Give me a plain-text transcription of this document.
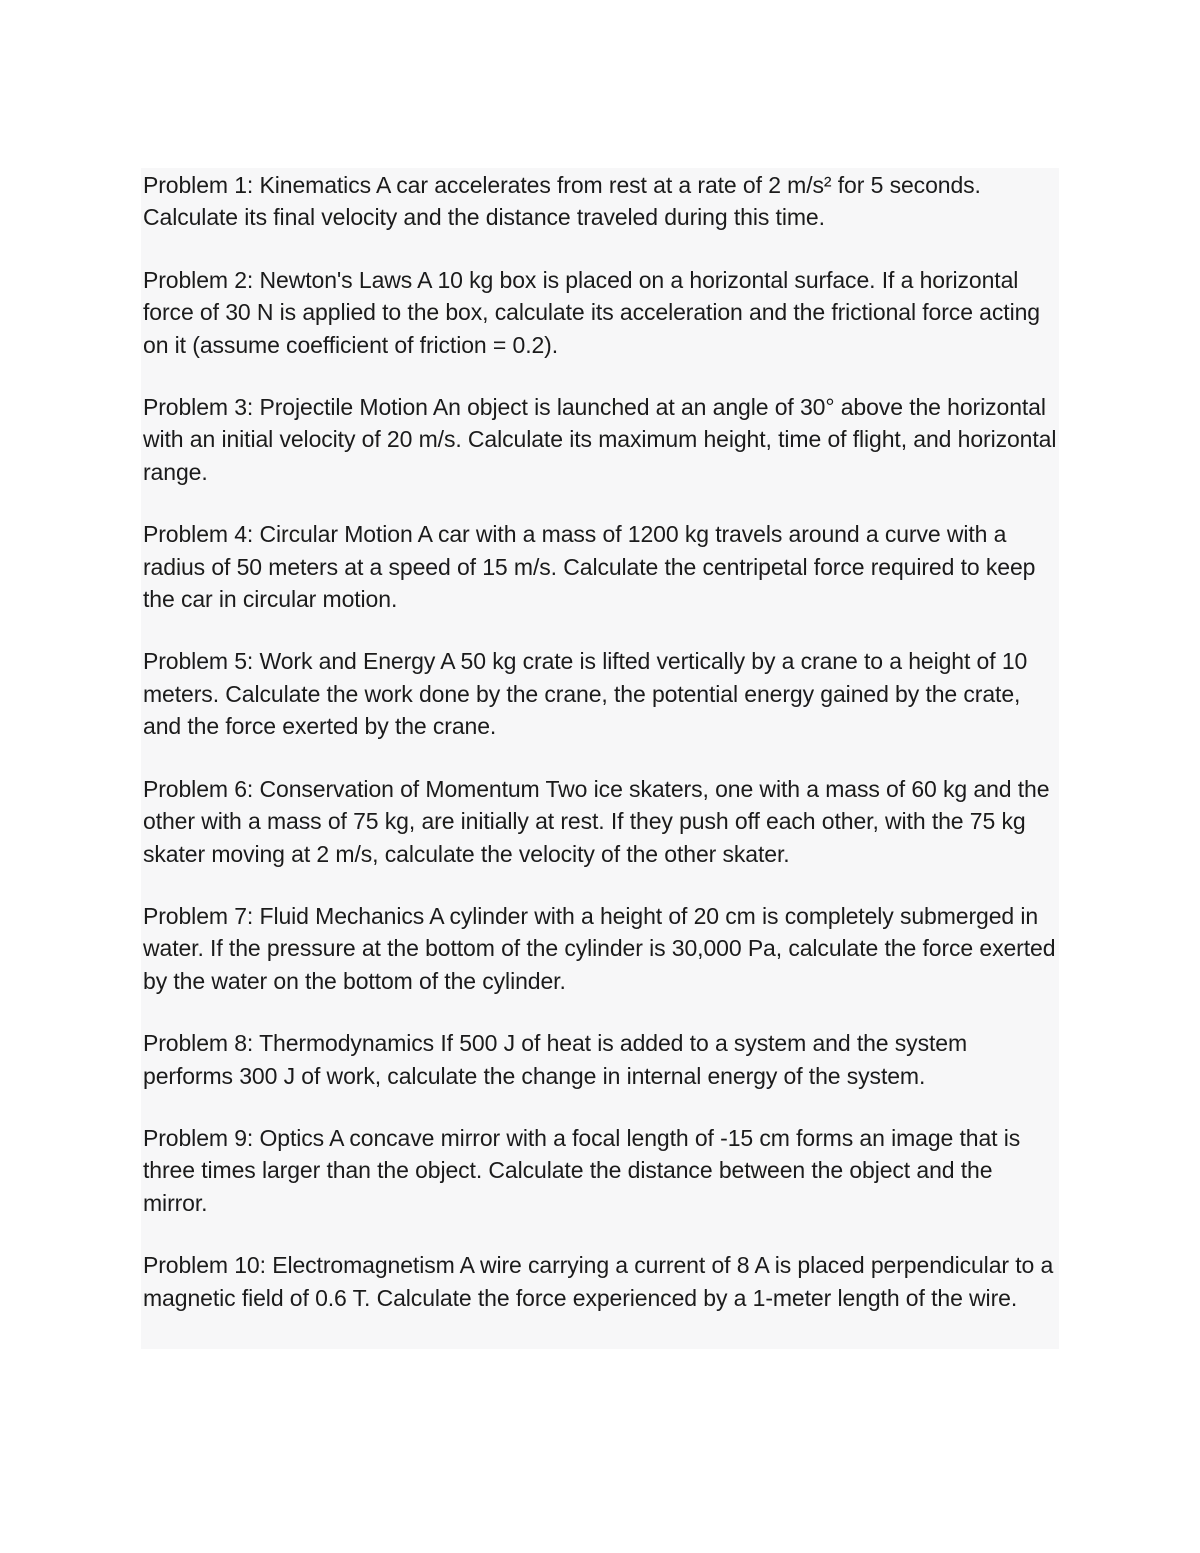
Problem 1: Kinematics A car accelerates from rest at a rate of 2 m/s² for 5 seconds. Calculate its final velocity and the distance traveled during this time.

Problem 2: Newton's Laws A 10 kg box is placed on a horizontal surface. If a horizontal force of 30 N is applied to the box, calculate its acceleration and the frictional force acting on it (assume coefficient of friction = 0.2).

Problem 3: Projectile Motion An object is launched at an angle of 30° above the horizontal with an initial velocity of 20 m/s. Calculate its maximum height, time of flight, and horizontal range.

Problem 4: Circular Motion A car with a mass of 1200 kg travels around a curve with a radius of 50 meters at a speed of 15 m/s. Calculate the centripetal force required to keep the car in circular motion.

Problem 5: Work and Energy A 50 kg crate is lifted vertically by a crane to a height of 10 meters. Calculate the work done by the crane, the potential energy gained by the crate, and the force exerted by the crane.

Problem 6: Conservation of Momentum Two ice skaters, one with a mass of 60 kg and the other with a mass of 75 kg, are initially at rest. If they push off each other, with the 75 kg skater moving at 2 m/s, calculate the velocity of the other skater.

Problem 7: Fluid Mechanics A cylinder with a height of 20 cm is completely submerged in water. If the pressure at the bottom of the cylinder is 30,000 Pa, calculate the force exerted by the water on the bottom of the cylinder.

Problem 8: Thermodynamics If 500 J of heat is added to a system and the system performs 300 J of work, calculate the change in internal energy of the system.

Problem 9: Optics A concave mirror with a focal length of -15 cm forms an image that is three times larger than the object. Calculate the distance between the object and the mirror.

Problem 10: Electromagnetism A wire carrying a current of 8 A is placed perpendicular to a magnetic field of 0.6 T. Calculate the force experienced by a 1-meter length of the wire.
